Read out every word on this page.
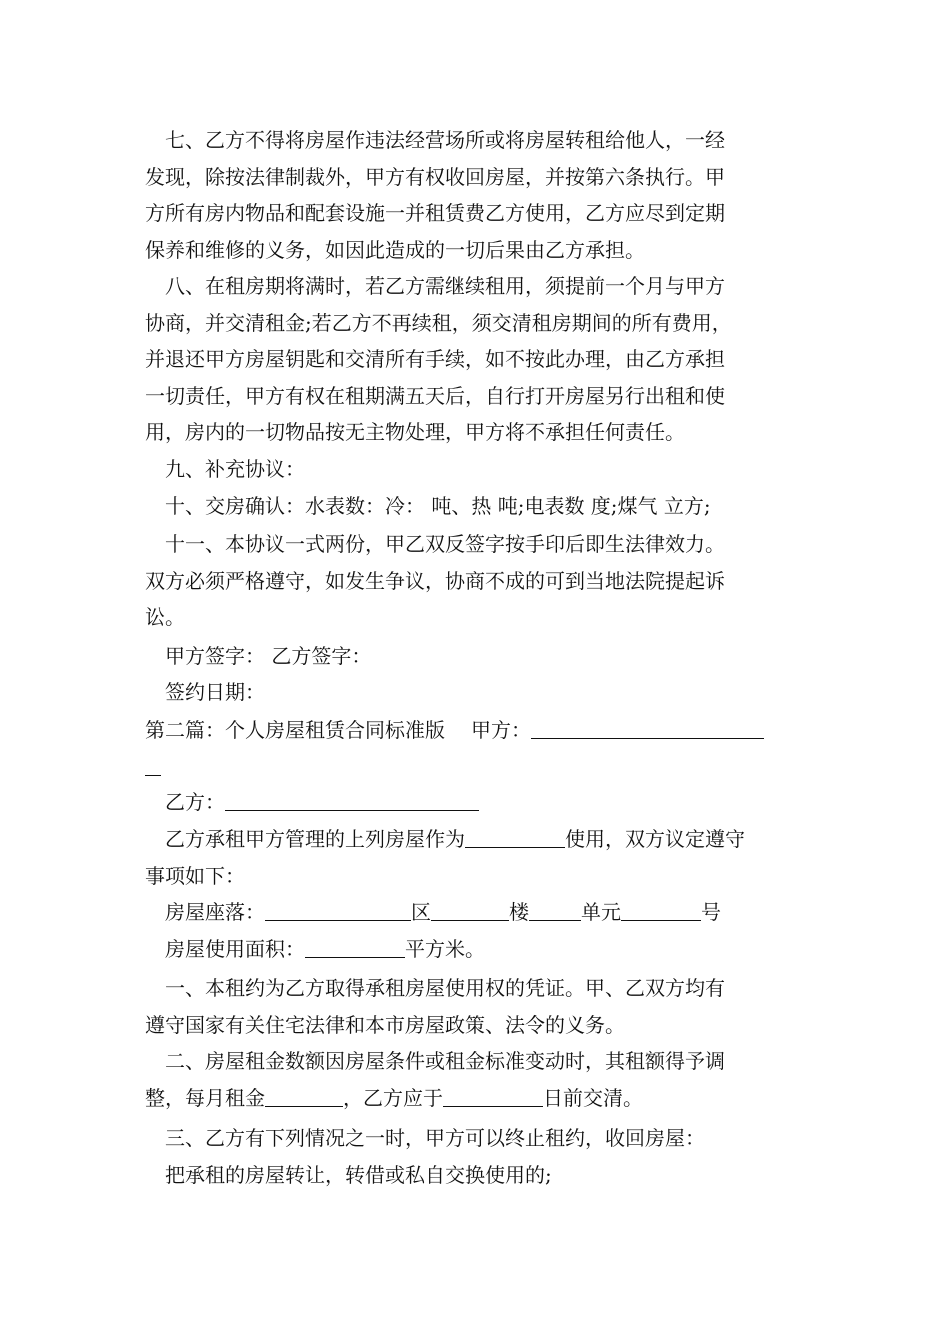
七、乙方不得将房屋作违法经营场所或将房屋转租给他人，一经
发现，除按法律制裁外，甲方有权收回房屋，并按第六条执行。甲
方所有房内物品和配套设施一并租赁费乙方使用，乙方应尽到定期
保养和维修的义务，如因此造成的一切后果由乙方承担。
八、在租房期将满时，若乙方需继续租用，须提前一个月与甲方
协商，并交清租金;若乙方不再续租，须交清租房期间的所有费用，
并退还甲方房屋钥匙和交清所有手续，如不按此办理，由乙方承担
一切责任，甲方有权在租期满五天后，自行打开房屋另行出租和使
用，房内的一切物品按无主物处理，甲方将不承担任何责任。
九、补充协议：
十、交房确认：水表数：冷： 吨、热 吨;电表数 度;煤气 立方;
十一、本协议一式两份，甲乙双反签字按手印后即生法律效力。
双方必须严格遵守，如发生争议，协商不成的可到当地法院提起诉
讼。
甲方签字： 乙方签字：
签约日期：
第二篇：个人房屋租赁合同标准版 甲方：
乙方：
乙方承租甲方管理的上列房屋作为	使用，双方议定遵守
事项如下：
房屋座落：	区	楼	单元	号
房屋使用面积：	平方米。
一、本租约为乙方取得承租房屋使用权的凭证。甲、乙双方均有
遵守国家有关住宅法律和本市房屋政策、法令的义务。
二、房屋租金数额因房屋条件或租金标准变动时，其租额得予调
整，每月租金	，乙方应于	日前交清。
三、乙方有下列情况之一时，甲方可以终止租约，收回房屋：
把承租的房屋转让，转借或私自交换使用的;
